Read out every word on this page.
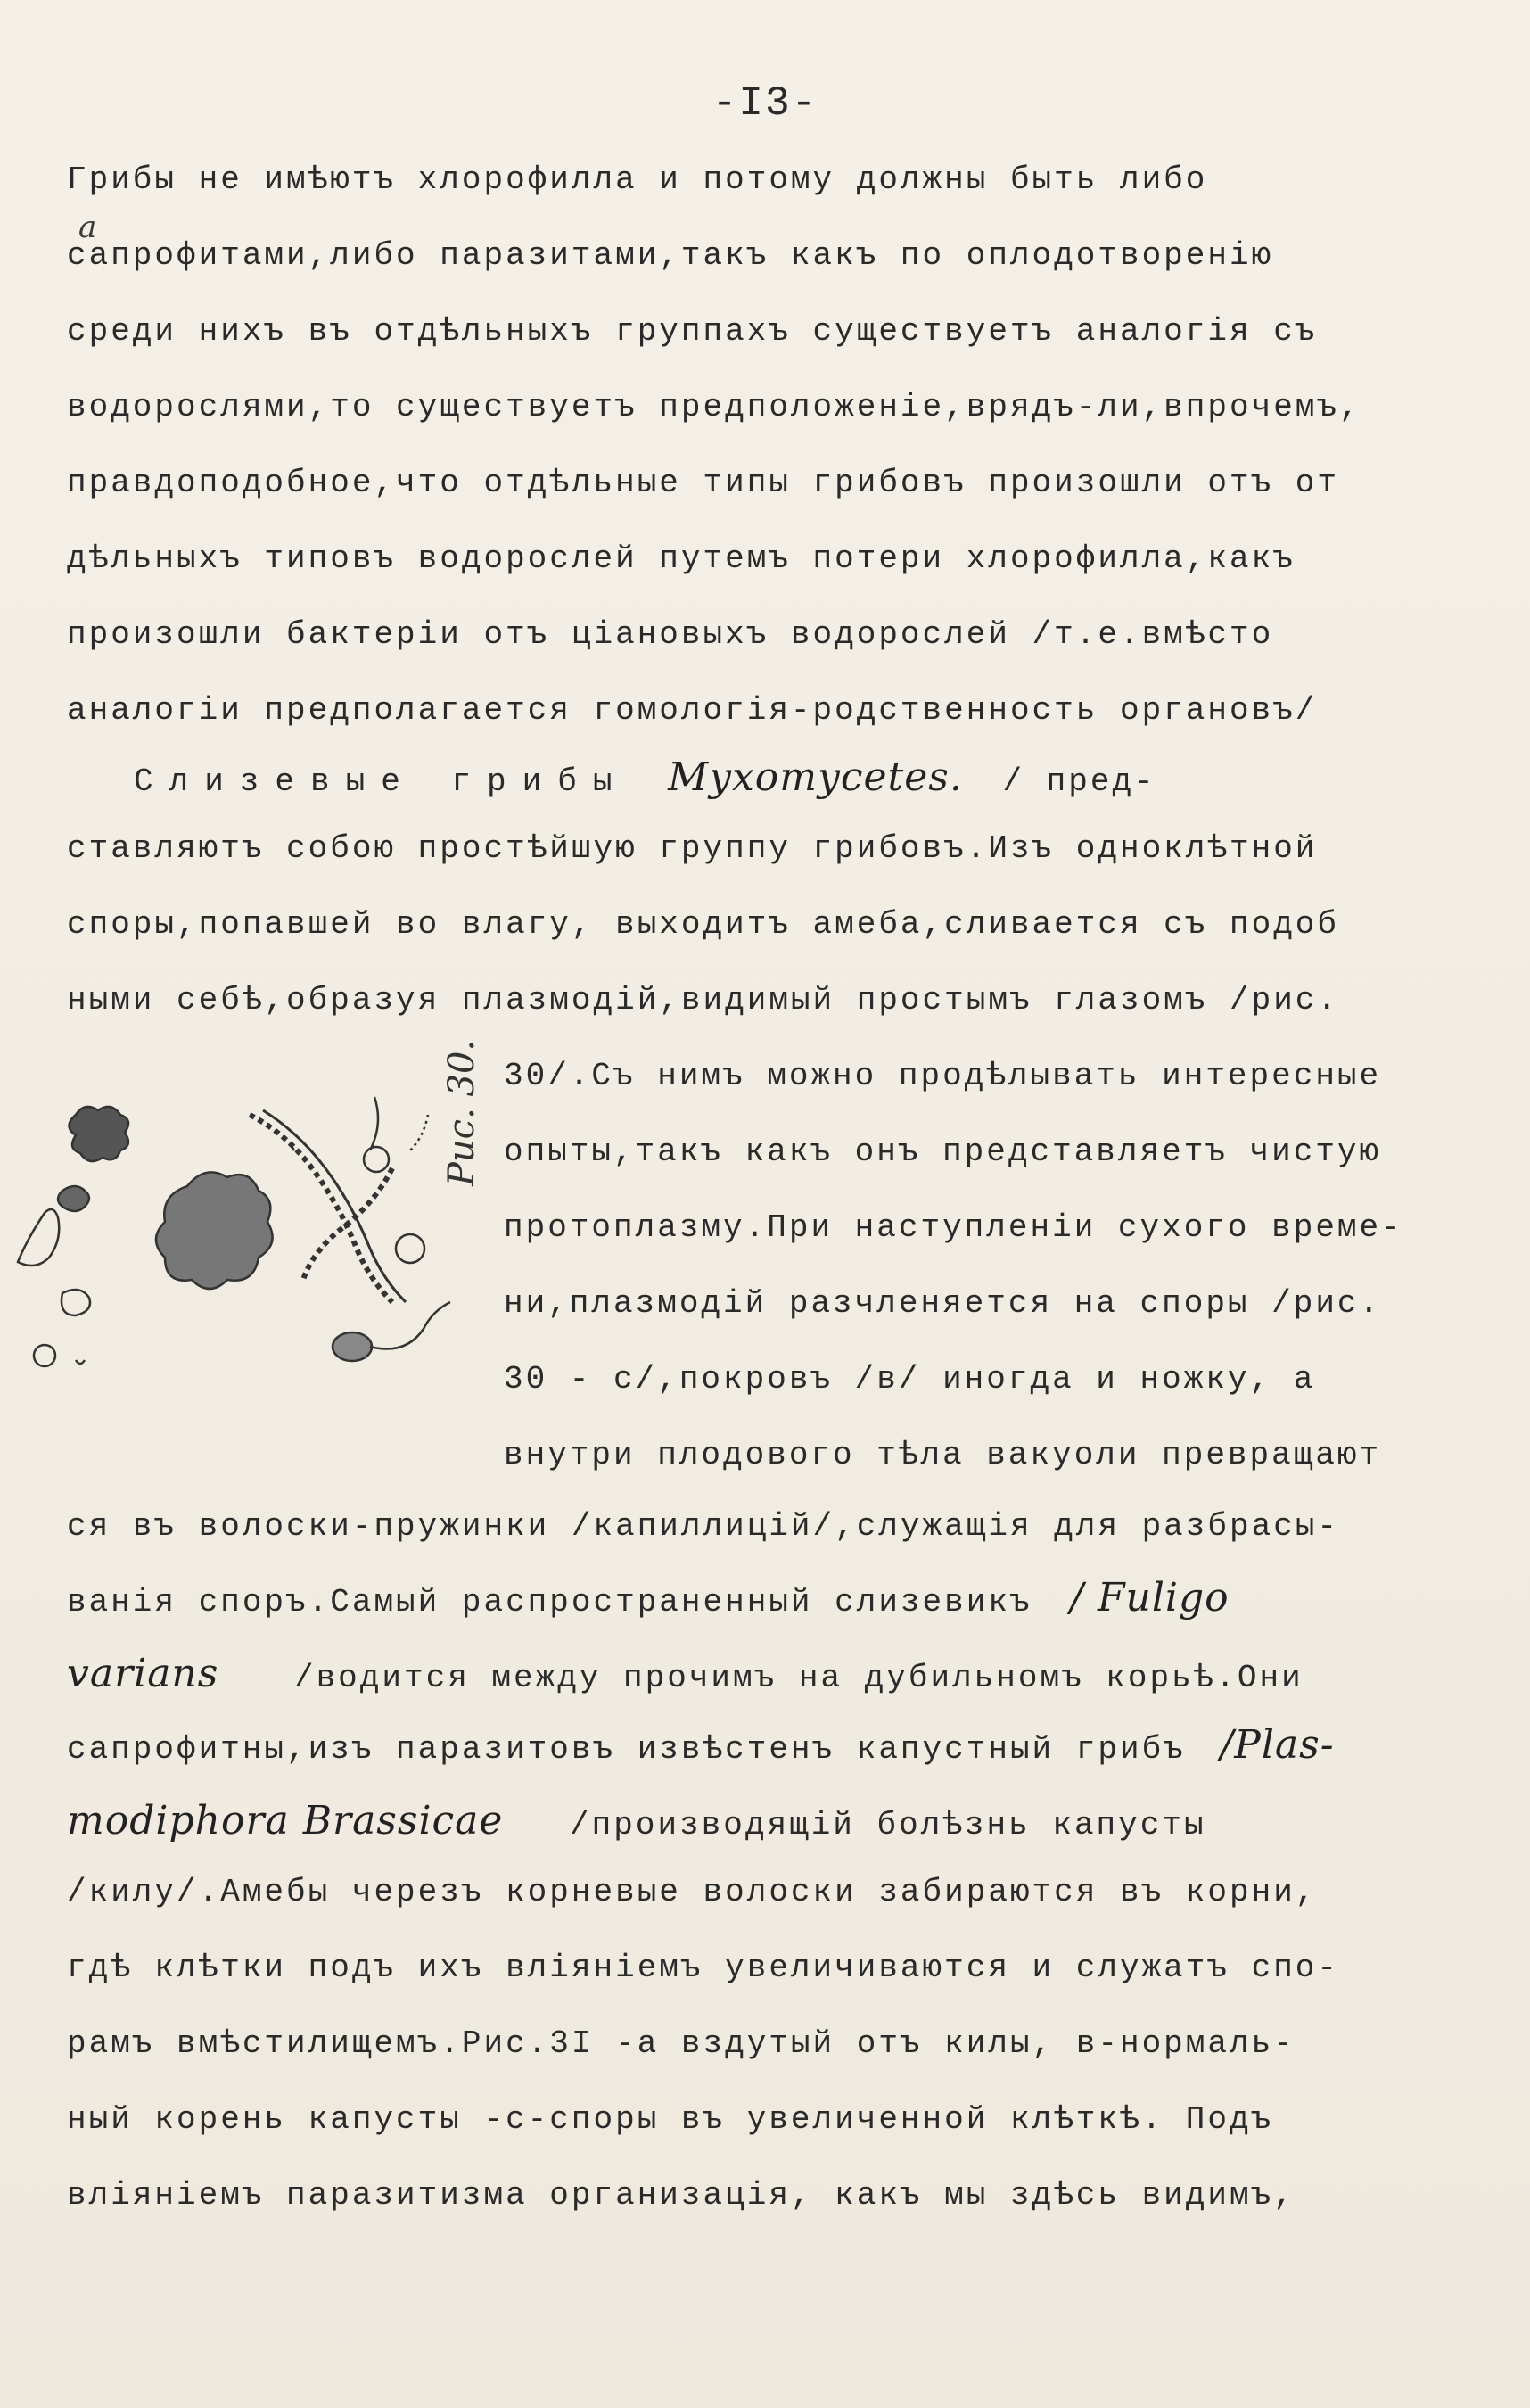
-I3-
а
Грибы не имѣютъ хлорофилла и потому должны быть либо
сапрофитами,либо паразитами,такъ какъ по оплодотворенію
среди нихъ въ отдѣльныхъ группахъ существуетъ аналогія съ
водорослями,то существуетъ предположеніе,врядъ-ли,впрочемъ,
правдоподобное,что отдѣльные типы грибовъ произошли отъ от
дѣльныхъ типовъ водорослей путемъ потери хлорофилла,какъ
произошли бактеріи отъ ціановыхъ водорослей /т.е.вмѣсто
аналогіи предполагается гомологія-родственность органовъ/
Слизевые грибы Myxomycetes. / пред-
ставляютъ собою простѣйшую группу грибовъ.Изъ одноклѣтной
споры,попавшей во влагу, выходитъ амеба,сливается съ подоб
ными себѣ,образуя плазмодій,видимый простымъ глазомъ /рис.
Рис. 30. 30/.Съ нимъ можно продѣлывать интересные
опыты,такъ какъ онъ представляетъ чистую
протоплазму.При наступленіи сухого време-
ни,плазмодій разчленяется на споры /рис.
30 - с/,покровъ /в/ иногда и ножку, а
внутри плодового тѣла вакуоли превращают
ся въ волоски-пружинки /капиллицій/,служащія для разбрасы-
ванія споръ.Самый распространенный слизевикъ / Fuligo
varians /водится между прочимъ на дубильномъ корьѣ.Они
сапрофитны,изъ паразитовъ извѣстенъ капустный грибъ /Plas-
modiphora Brassicae /производящій болѣзнь капусты
/килу/.Амебы черезъ корневые волоски забираются въ корни,
гдѣ клѣтки подъ ихъ вліяніемъ увеличиваются и служатъ спо-
рамъ вмѣстилищемъ.Рис.3I -а вздутый отъ килы, в-нормаль-
ный корень капусты -с-споры въ увеличенной клѣткѣ. Подъ
вліяніемъ паразитизма организація, какъ мы здѣсь видимъ,
